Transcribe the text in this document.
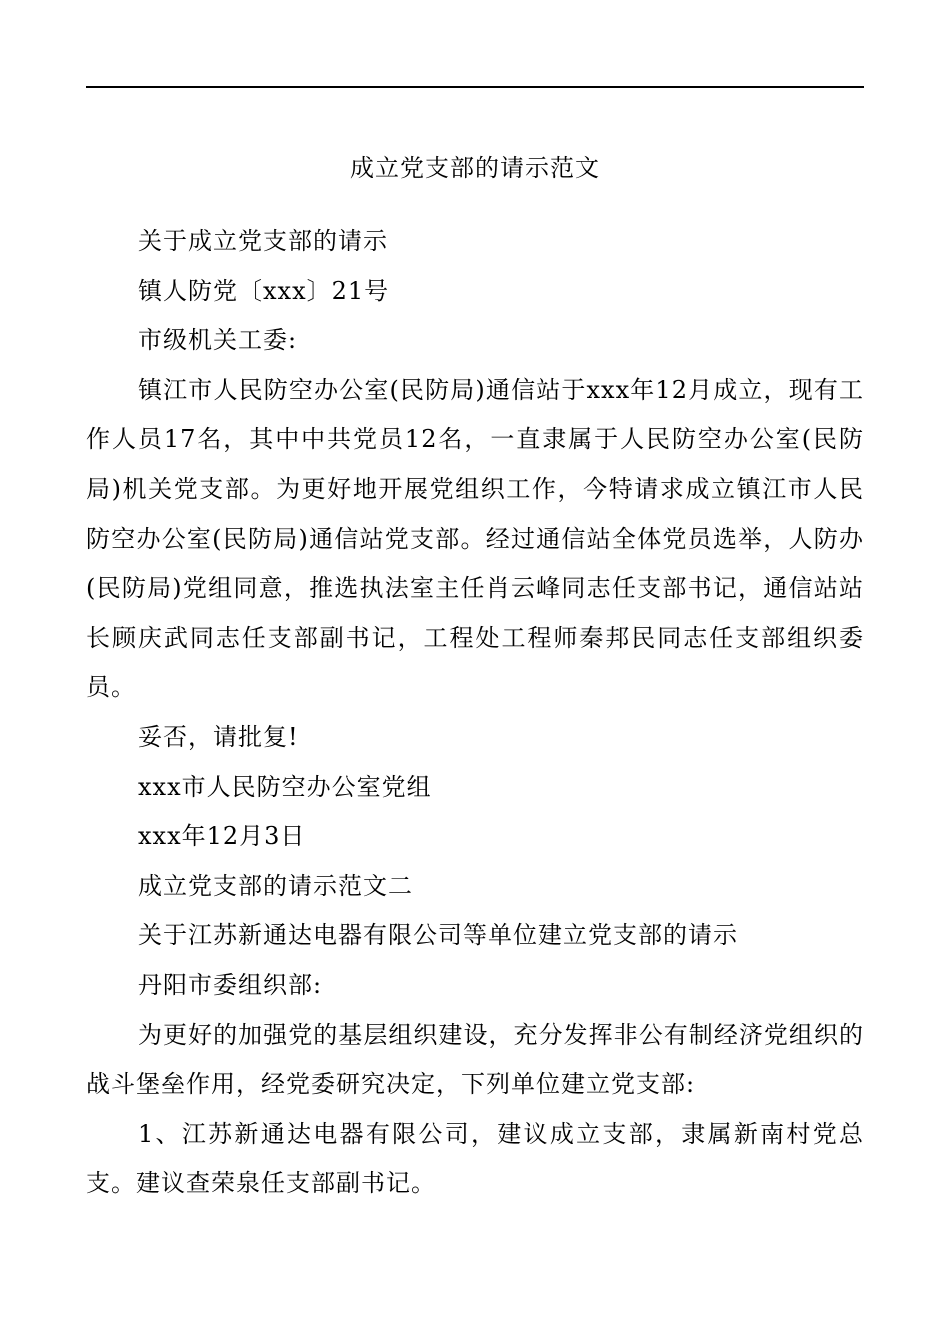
成立党支部的请示范文

关于成立党支部的请示

镇人防党〔xxx〕21号

市级机关工委:

镇江市人民防空办公室(民防局)通信站于xxx年12月成立，现有工作人员17名，其中中共党员12名，一直隶属于人民防空办公室(民防局)机关党支部。为更好地开展党组织工作，今特请求成立镇江市人民防空办公室(民防局)通信站党支部。经过通信站全体党员选举，人防办(民防局)党组同意，推选执法室主任肖云峰同志任支部书记，通信站站长顾庆武同志任支部副书记，工程处工程师秦邦民同志任支部组织委员。

妥否，请批复!

xxx市人民防空办公室党组

xxx年12月3日

成立党支部的请示范文二

关于江苏新通达电器有限公司等单位建立党支部的请示

丹阳市委组织部:

为更好的加强党的基层组织建设，充分发挥非公有制经济党组织的战斗堡垒作用，经党委研究决定，下列单位建立党支部:

1、江苏新通达电器有限公司，建议成立支部，隶属新南村党总支。建议查荣泉任支部副书记。
